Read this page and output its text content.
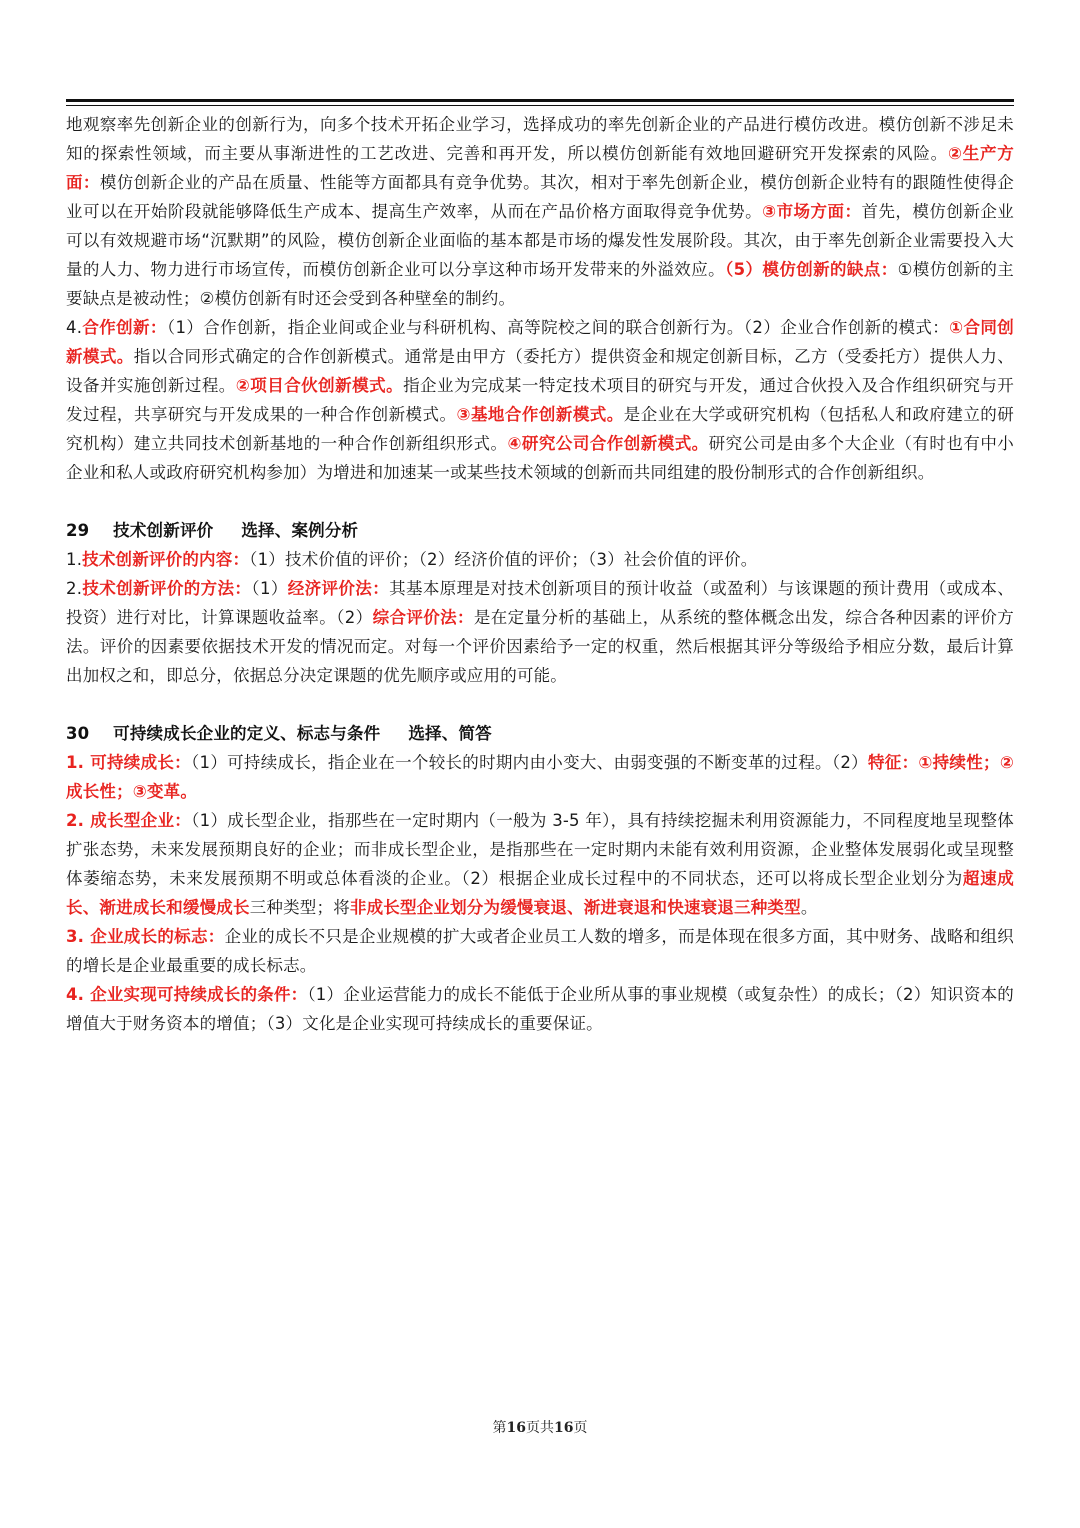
地观察率先创新企业的创新行为，向多个技术开拓企业学习，选择成功的率先创新企业的产品进行模仿改进。模仿创新不涉足未知的探索性领域，而主要从事渐进性的工艺改进、完善和再开发，所以模仿创新能有效地回避研究开发探索的风险。②生产方面：模仿创新企业的产品在质量、性能等方面都具有竞争优势。其次，相对于率先创新企业，模仿创新企业特有的跟随性使得企业可以在开始阶段就能够降低生产成本、提高生产效率，从而在产品价格方面取得竞争优势。③市场方面：首先，模仿创新企业可以有效规避市场“沉默期”的风险，模仿创新企业面临的基本都是市场的爆发性发展阶段。其次，由于率先创新企业需要投入大量的人力、物力进行市场宣传，而模仿创新企业可以分享这种市场开发带来的外溢效应。（5）模仿创新的缺点：①模仿创新的主要缺点是被动性；②模仿创新有时还会受到各种壁垒的制约。

4.合作创新：（1）合作创新，指企业间或企业与科研机构、高等院校之间的联合创新行为。（2）企业合作创新的模式：①合同创新模式。指以合同形式确定的合作创新模式。通常是由甲方（委托方）提供资金和规定创新目标，乙方（受委托方）提供人力、设备并实施创新过程。②项目合伙创新模式。指企业为完成某一特定技术项目的研究与开发，通过合伙投入及合作组织研究与开发过程，共享研究与开发成果的一种合作创新模式。③基地合作创新模式。是企业在大学或研究机构（包括私人和政府建立的研究机构）建立共同技术创新基地的一种合作创新组织形式。④研究公司合作创新模式。研究公司是由多个大企业（有时也有中小企业和私人或政府研究机构参加）为增进和加速某一或某些技术领域的创新而共同组建的股份制形式的合作创新组织。

29 技术创新评价 选择、案例分析

1.技术创新评价的内容：（1）技术价值的评价；（2）经济价值的评价；（3）社会价值的评价。

2.技术创新评价的方法：（1）经济评价法：其基本原理是对技术创新项目的预计收益（或盈利）与该课题的预计费用（或成本、投资）进行对比，计算课题收益率。（2）综合评价法：是在定量分析的基础上，从系统的整体概念出发，综合各种因素的评价方法。评价的因素要依据技术开发的情况而定。对每一个评价因素给予一定的权重，然后根据其评分等级给予相应分数，最后计算出加权之和，即总分，依据总分决定课题的优先顺序或应用的可能。

30 可持续成长企业的定义、标志与条件 选择、简答

1. 可持续成长：（1）可持续成长，指企业在一个较长的时期内由小变大、由弱变强的不断变革的过程。（2）特征：①持续性；②成长性；③变革。

2. 成长型企业：（1）成长型企业，指那些在一定时期内（一般为 3-5 年），具有持续挖掘未利用资源能力，不同程度地呈现整体扩张态势，未来发展预期良好的企业；而非成长型企业，是指那些在一定时期内未能有效利用资源，企业整体发展弱化或呈现整体萎缩态势，未来发展预期不明或总体看淡的企业。（2）根据企业成长过程中的不同状态，还可以将成长型企业划分为超速成长、渐进成长和缓慢成长三种类型；将非成长型企业划分为缓慢衰退、渐进衰退和快速衰退三种类型。

3. 企业成长的标志：企业的成长不只是企业规模的扩大或者企业员工人数的增多，而是体现在很多方面，其中财务、战略和组织的增长是企业最重要的成长标志。

4. 企业实现可持续成长的条件：（1）企业运营能力的成长不能低于企业所从事的事业规模（或复杂性）的成长；（2）知识资本的增值大于财务资本的增值；（3）文化是企业实现可持续成长的重要保证。

第16页共16页
